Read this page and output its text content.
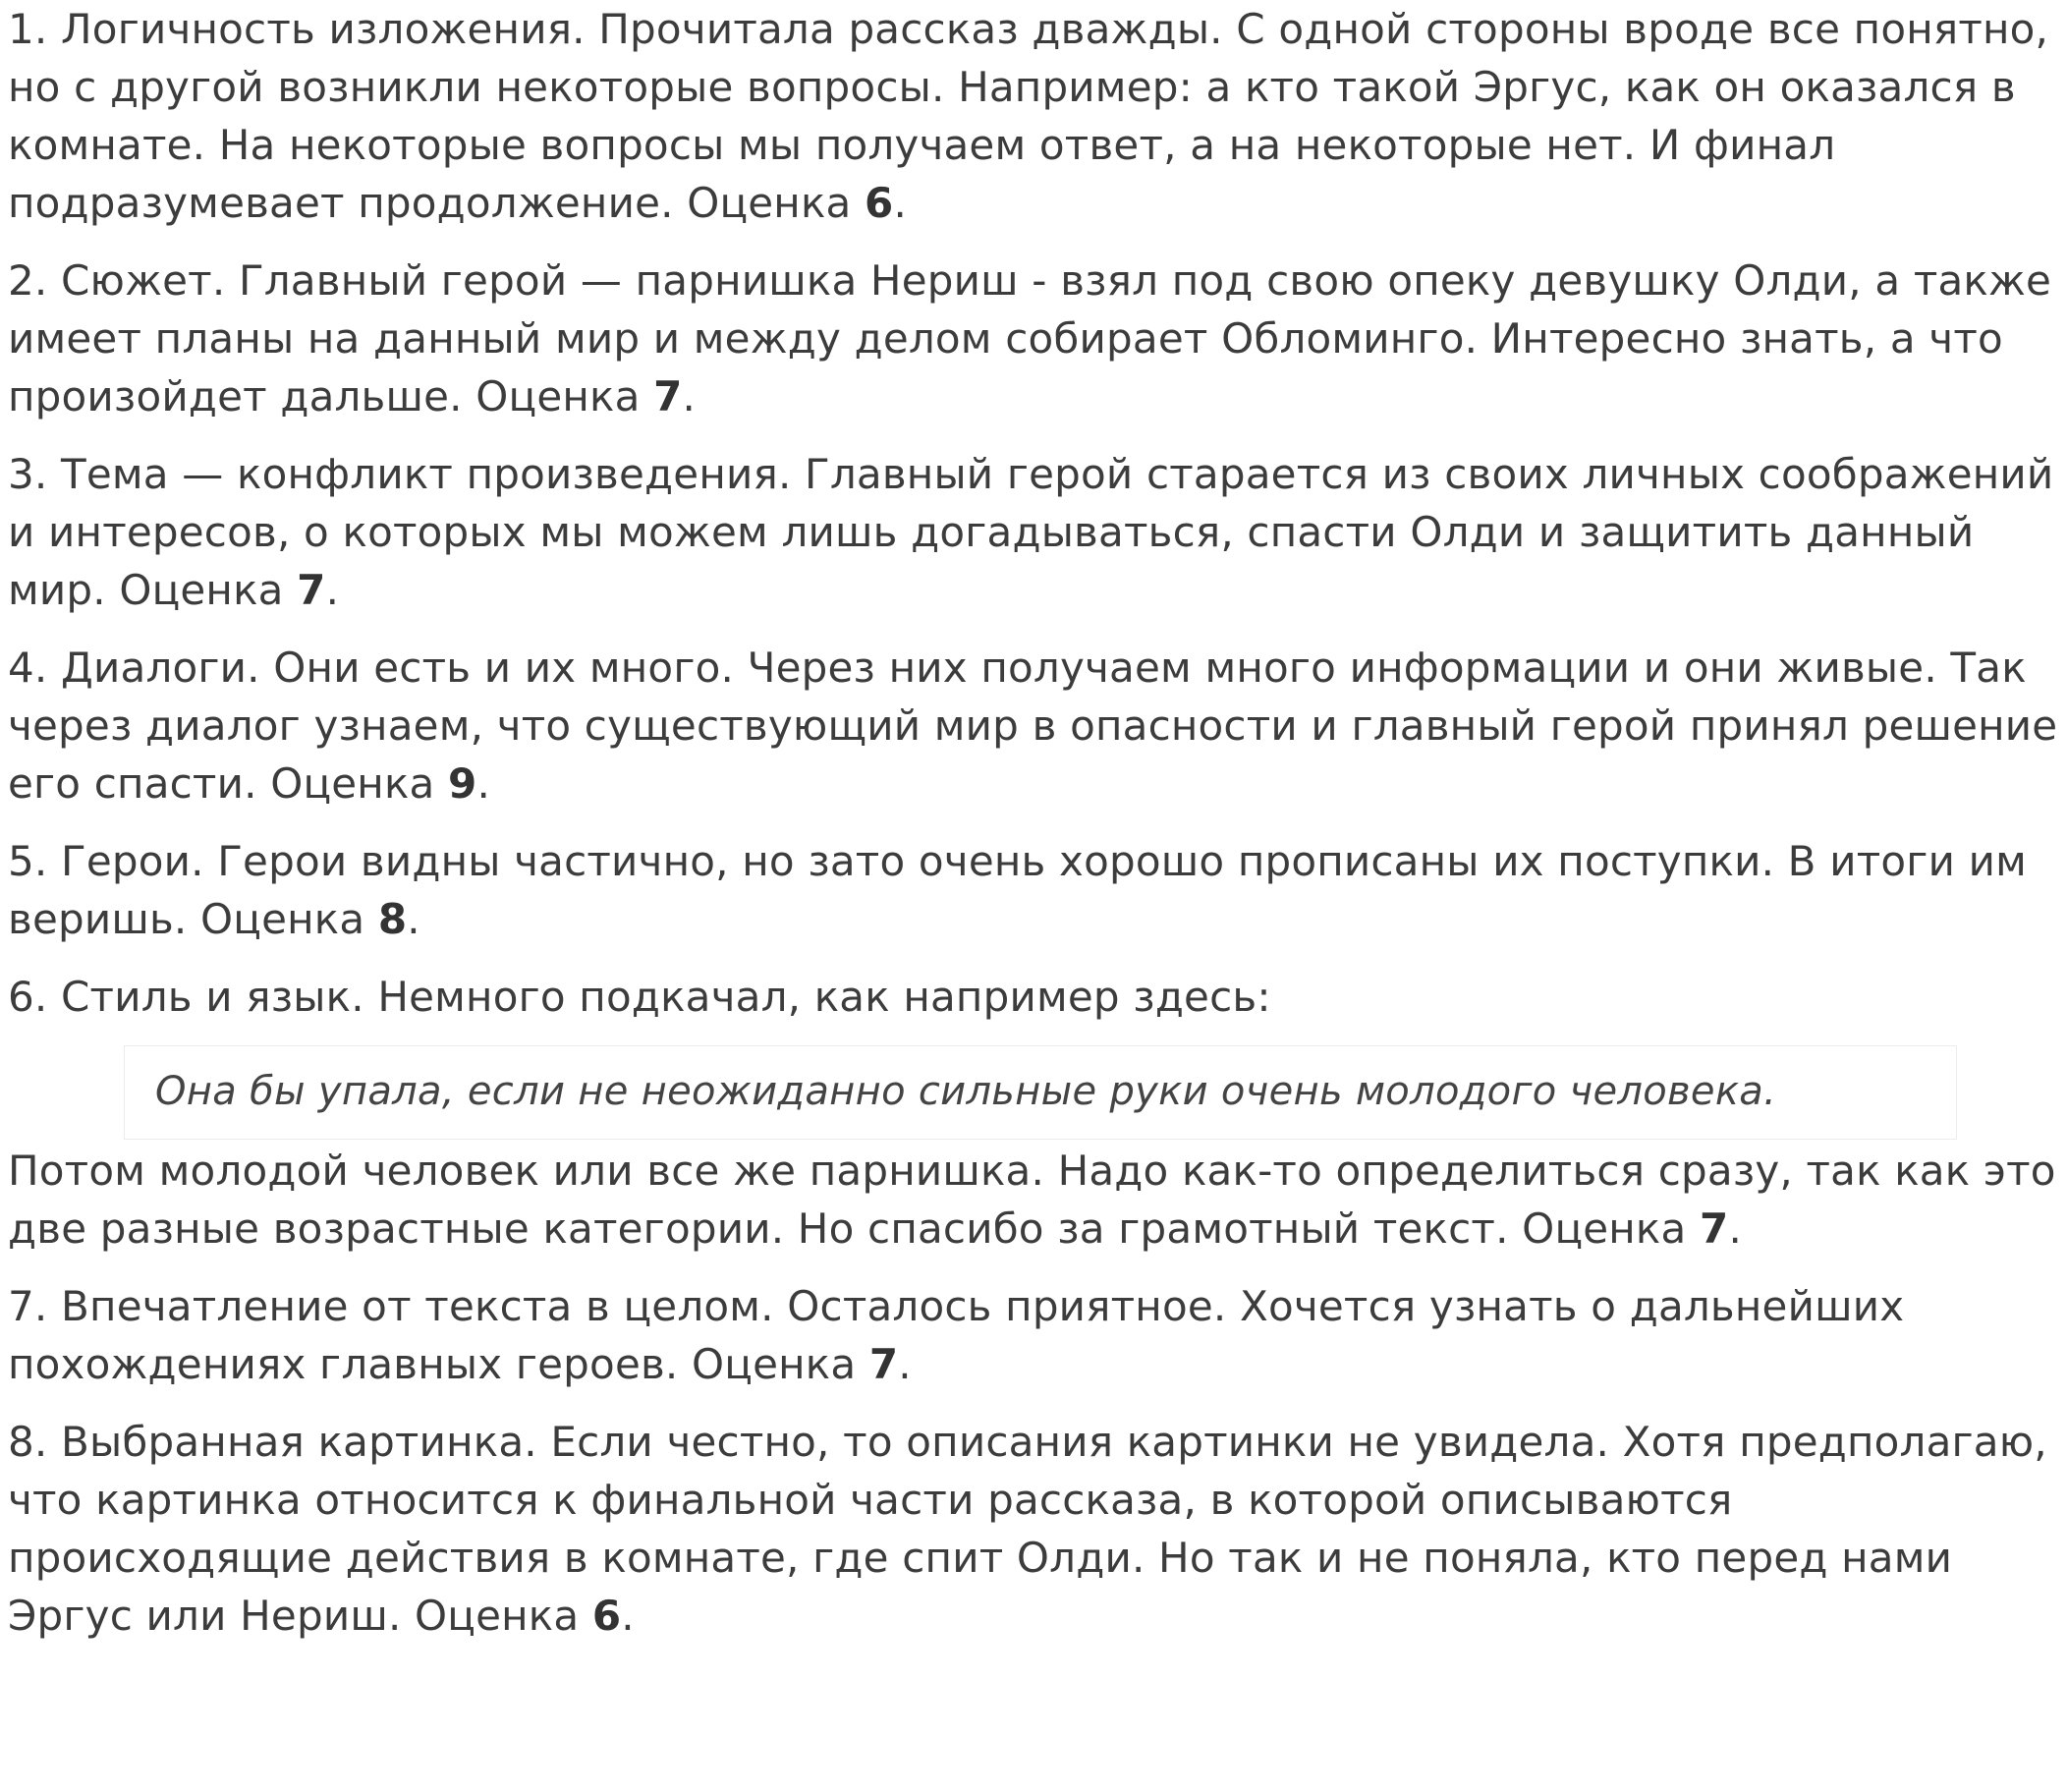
1. Логичность изложения. Прочитала рассказ дважды. С одной стороны вроде все понятно, но с другой возникли некоторые вопросы. Например: а кто такой Эргус, как он оказался в комнате. На некоторые вопросы мы получаем ответ, а на некоторые нет. И финал подразумевает продолжение. Оценка 6.

2. Сюжет. Главный герой — парнишка Нериш - взял под свою опеку девушку Олди, а также имеет планы на данный мир и между делом собирает Обломинго. Интересно знать, а что произойдет дальше. Оценка 7.

3. Тема — конфликт произведения. Главный герой старается из своих личных соображений и интересов, о которых мы можем лишь догадываться, спасти Олди и защитить данный мир. Оценка 7.

4. Диалоги. Они есть и их много. Через них получаем много информации и они живые. Так через диалог узнаем, что существующий мир в опасности и главный герой принял решение его спасти. Оценка 9.

5. Герои. Герои видны частично, но зато очень хорошо прописаны их поступки. В итоги им веришь. Оценка 8.

6. Стиль и язык. Немного подкачал, как например здесь:

Она бы упала, если не неожиданно сильные руки очень молодого человека.

Потом молодой человек или все же парнишка. Надо как-то определиться сразу, так как это две разные возрастные категории. Но спасибо за грамотный текст. Оценка 7.

7. Впечатление от текста в целом. Осталось приятное. Хочется узнать о дальнейших похождениях главных героев. Оценка 7.

8. Выбранная картинка. Если честно, то описания картинки не увидела. Хотя предполагаю, что картинка относится к финальной части рассказа, в которой описываются происходящие действия в комнате, где спит Олди. Но так и не поняла, кто перед нами Эргус или Нериш. Оценка 6.
